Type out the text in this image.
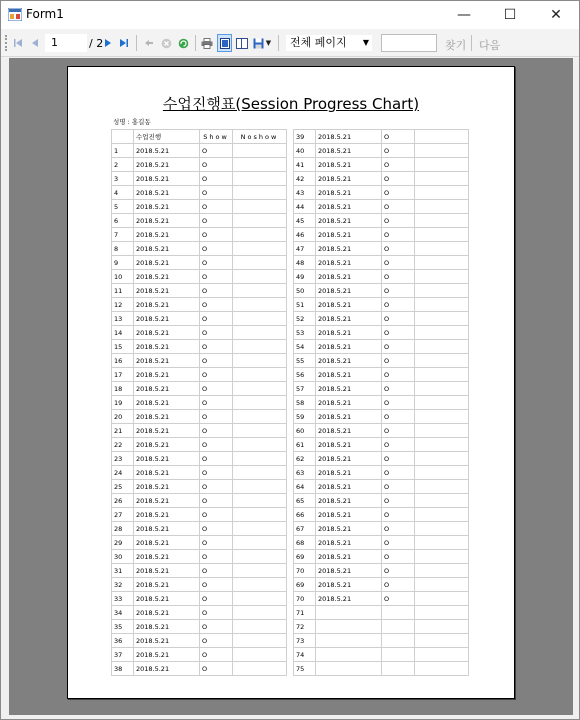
Form1	— ☐ ✕
1	/ 2	▼	전체 페이지 ▼	찾기 다음
수업진행표(Session Progress Chart)
성명 : 홍길동
	수업진행	Show	Noshow
1	2018.5.21	O	
2	2018.5.21	O	
3	2018.5.21	O	
4	2018.5.21	O	
5	2018.5.21	O	
6	2018.5.21	O	
7	2018.5.21	O	
8	2018.5.21	O	
9	2018.5.21	O	
10	2018.5.21	O	
11	2018.5.21	O	
12	2018.5.21	O	
13	2018.5.21	O	
14	2018.5.21	O	
15	2018.5.21	O	
16	2018.5.21	O	
17	2018.5.21	O	
18	2018.5.21	O	
19	2018.5.21	O	
20	2018.5.21	O	
21	2018.5.21	O	
22	2018.5.21	O	
23	2018.5.21	O	
24	2018.5.21	O	
25	2018.5.21	O	
26	2018.5.21	O	
27	2018.5.21	O	
28	2018.5.21	O	
29	2018.5.21	O	
30	2018.5.21	O	
31	2018.5.21	O	
32	2018.5.21	O	
33	2018.5.21	O	
34	2018.5.21	O	
35	2018.5.21	O	
36	2018.5.21	O	
37	2018.5.21	O	
38	2018.5.21	O	
39	2018.5.21	O	
40	2018.5.21	O	
41	2018.5.21	O	
42	2018.5.21	O	
43	2018.5.21	O	
44	2018.5.21	O	
45	2018.5.21	O	
46	2018.5.21	O	
47	2018.5.21	O	
48	2018.5.21	O	
49	2018.5.21	O	
50	2018.5.21	O	
51	2018.5.21	O	
52	2018.5.21	O	
53	2018.5.21	O	
54	2018.5.21	O	
55	2018.5.21	O	
56	2018.5.21	O	
57	2018.5.21	O	
58	2018.5.21	O	
59	2018.5.21	O	
60	2018.5.21	O	
61	2018.5.21	O	
62	2018.5.21	O	
63	2018.5.21	O	
64	2018.5.21	O	
65	2018.5.21	O	
66	2018.5.21	O	
67	2018.5.21	O	
68	2018.5.21	O	
69	2018.5.21	O	
70	2018.5.21	O	
69	2018.5.21	O	
70	2018.5.21	O	
71			
72			
73			
74			
75			
